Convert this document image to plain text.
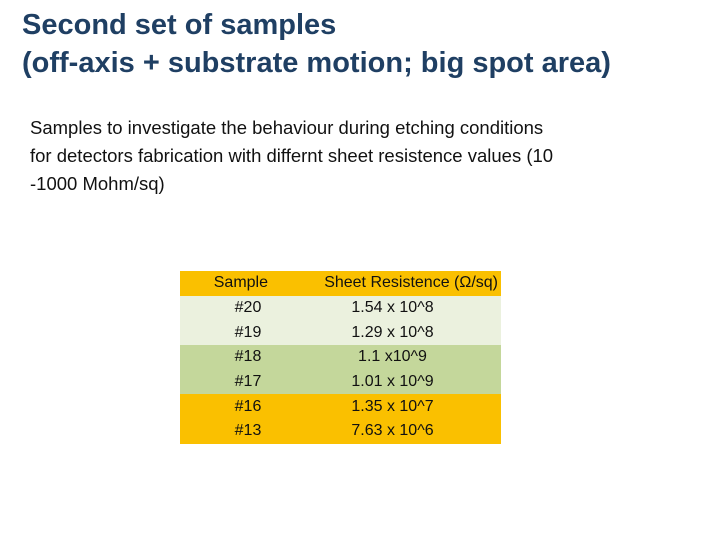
Second set of samples
(off-axis + substrate motion; big spot area)

Samples to investigate the behaviour during etching conditions
for detectors fabrication with differnt sheet resistence values (10
-1000 Mohm/sq)

Sample	Sheet Resistence (Ω/sq)
#20	1.54 x 10^8
#19	1.29 x 10^8
#18	1.1 x10^9
#17	1.01 x 10^9
#16	1.35 x 10^7
#13	7.63 x 10^6
